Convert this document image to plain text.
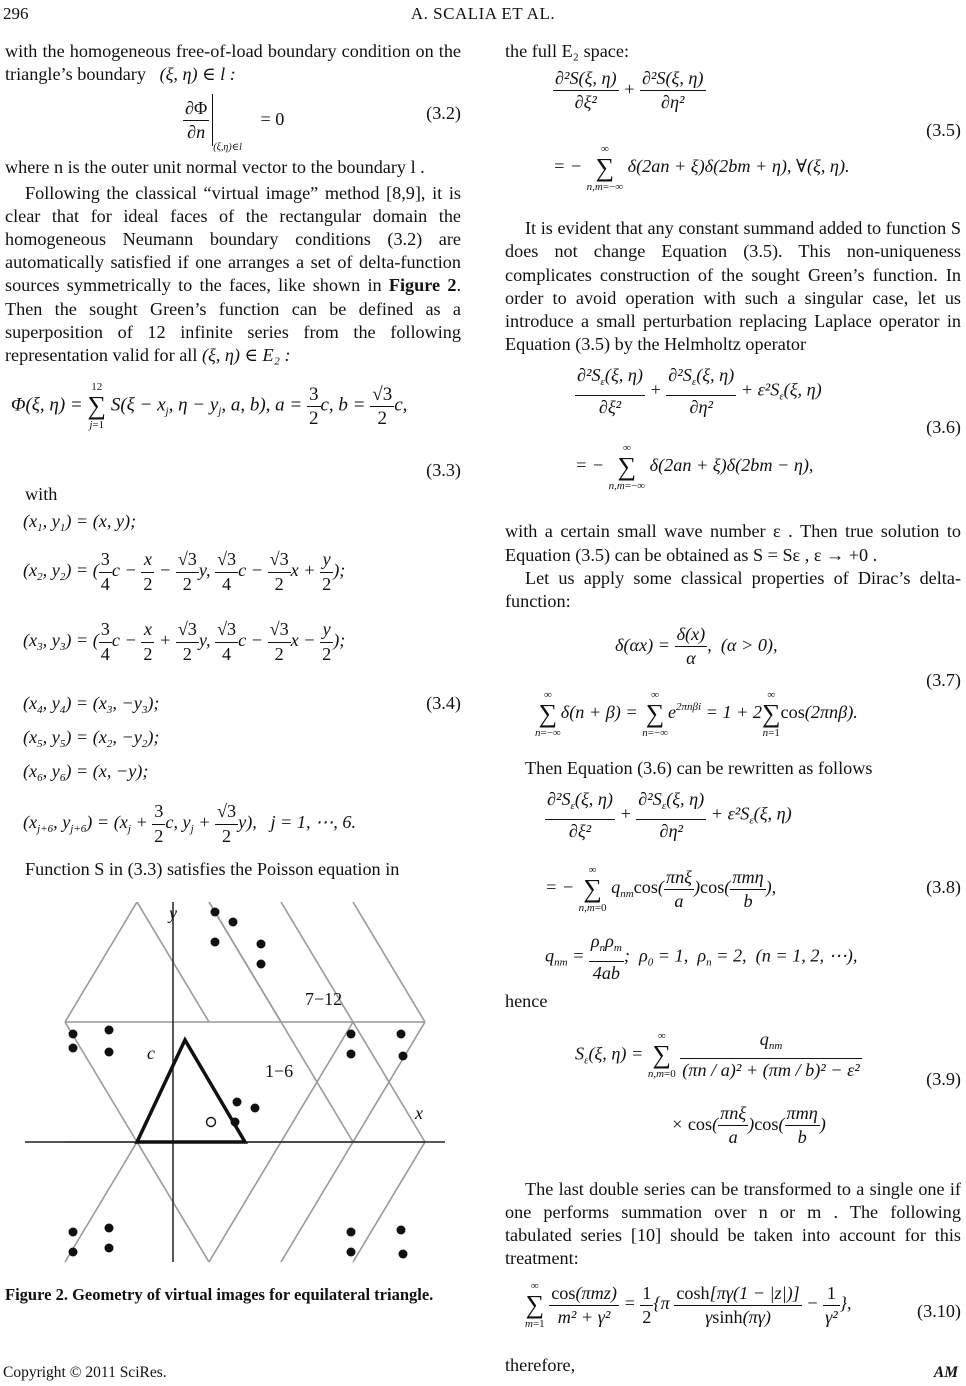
296	A. SCALIA ET AL.

with the homogeneous free-of-load boundary condition on the triangle’s boundary (ξ, η) ∈ l :

$\frac{\partial\Phi}{\partial n}$
$_{(\xi,\eta)\in l}$ = 0	(3.2)

where n is the outer unit normal vector to the boundary l .

Following the classical “virtual image” method [8,9], it is clear that for ideal faces of the rectangular domain the homogeneous Neumann boundary conditions (3.2) are automatically satisfied if one arranges a set of delta-function sources symmetrically to the faces, like shown in Figure 2. Then the sought Green’s function can be defined as a superposition of 12 infinite series from the following representation valid for all (ξ, η) ∈ E₂ :

Φ(ξ, η) = 12
∑
j=1 $S(\xi - x_j$, $\eta - y_j$, a, b), $a = \frac{3}{2} c$, $b = \frac{√3}{2} c$,
(3.3)

with

($x_1$, $y_1) = (x$, y);
($x_2$, $y_2$) = ( $\frac{3}{4}$ $c - \frac{x}{2} - \frac{√3}{2} y$, $\frac{√3}{4}$ $c - \frac{√3}{2}$ $x + \frac{y}{2}$ );
($x_3$, $y_3$) = ( $\frac{3}{4}$ $c - \frac{x}{2} + \frac{√3}{2} y$, $\frac{√3}{4}$ $c - \frac{√3}{2}$ $x - \frac{y}{2}$ );
($x_4$, $y_4) = (x_3$, $-y_3$);
($x_5$, $y_5) = (x_2$, $-y_2$);
($x_6$, $y_6) = (x$, −y);
($x_{j+6}$, $y_{j+6}) = (x_j + \frac{3}{2} c$, $y_j + \frac{√3}{2} y$),   j = 1, ⋯, 6.
(3.4)

Function S in (3.3) satisfies the Poisson equation in

y
x
c
1−6
7−12

Figure 2. Geometry of virtual images for equilateral triangle.

the full E₂ space:

$\frac{\text{∂²S(ξ, η)}}{\text{∂ξ²}} + \frac{\text{∂²S(ξ, η)}}{\text{∂η²}}$
= − ∞
∑
n,m=−∞ δ(2an + ξ)δ(2bm + η), ∀(ξ, η).
(3.5)

It is evident that any constant summand added to function S does not change Equation (3.5). This non-uniqueness complicates construction of the sought Green’s function. In order to avoid operation with such a singular case, let us introduce a small perturbation replacing Laplace operator in Equation (3.5) by the Helmholtz operator

$\frac{\partial^2S_\varepsilon(\xi, \eta)}{\text{∂ξ²}} + \frac{\partial^2S_\varepsilon(\xi, \eta)}{\text{∂η²}} + \varepsilon^2S_\varepsilon(\xi$, η)
= − ∞
∑
n,m=−∞ δ(2an + ξ)δ(2bm − η),
(3.6)

with a certain small wave number ε . Then true solution to Equation (3.5) can be obtained as S = Sε , ε → +0 .

Let us apply some classical properties of Dirac’s delta-function:

$\delta(\alpha x) = \frac{\delta(x)}{\alpha}$ ,  (α > 0),
∞
∑
n=−∞δ(n + β) = ∞
∑
$n=-\infty e^{2\pi n\beta i} = 1 + 2\infty$
∑
n=1cos(2πnβ).
(3.7)

Then Equation (3.6) can be rewritten as follows

$\frac{\partial^2S_\varepsilon(\xi, \eta)}{\text{∂ξ²}} + \frac{\partial^2S_\varepsilon(\xi, \eta)}{\text{∂η²}} + \varepsilon^2S_\varepsilon(\xi$, η)
= − ∞
∑
n,m=0 $q_{nm}\cos( \frac{\text{πnξ}}{a} )\cos( \frac{\text{πmη}}{b}$ ),
$q_{nm} = \frac{\rho_n\rho_m}{4ab}$ ;  $\rho_0 = 1$,  $\rho_n = 2$,  (n = 1, 2, ⋯),
(3.8)

hence

$S_\varepsilon(\xi$, η) = ∞
∑
$n,m=0 \frac{q_{nm}}{\text{(πn / a)² + (πm / b)² − ε²}}$
× $\cos( \frac{\text{πnξ}}{a} )\cos( \frac{\text{πmη}}{b}$ )
(3.9)

The last double series can be transformed to a single one if one performs summation over n or m . The following tabulated series [10] should be taken into account for this treatment:

∞
∑
$m=1 \frac{\text{cos(πmz)}}{\text{m² + γ²}} = \frac{1}{2} \{\pi \frac{\cosh[\pi\gamma(1 - |z|)]}{\gamma\sinh(\pi\gamma)} - \frac{1}{\text{γ²}}$ },	(3.10)

therefore,

Copyright © 2011 SciRes.	AM
